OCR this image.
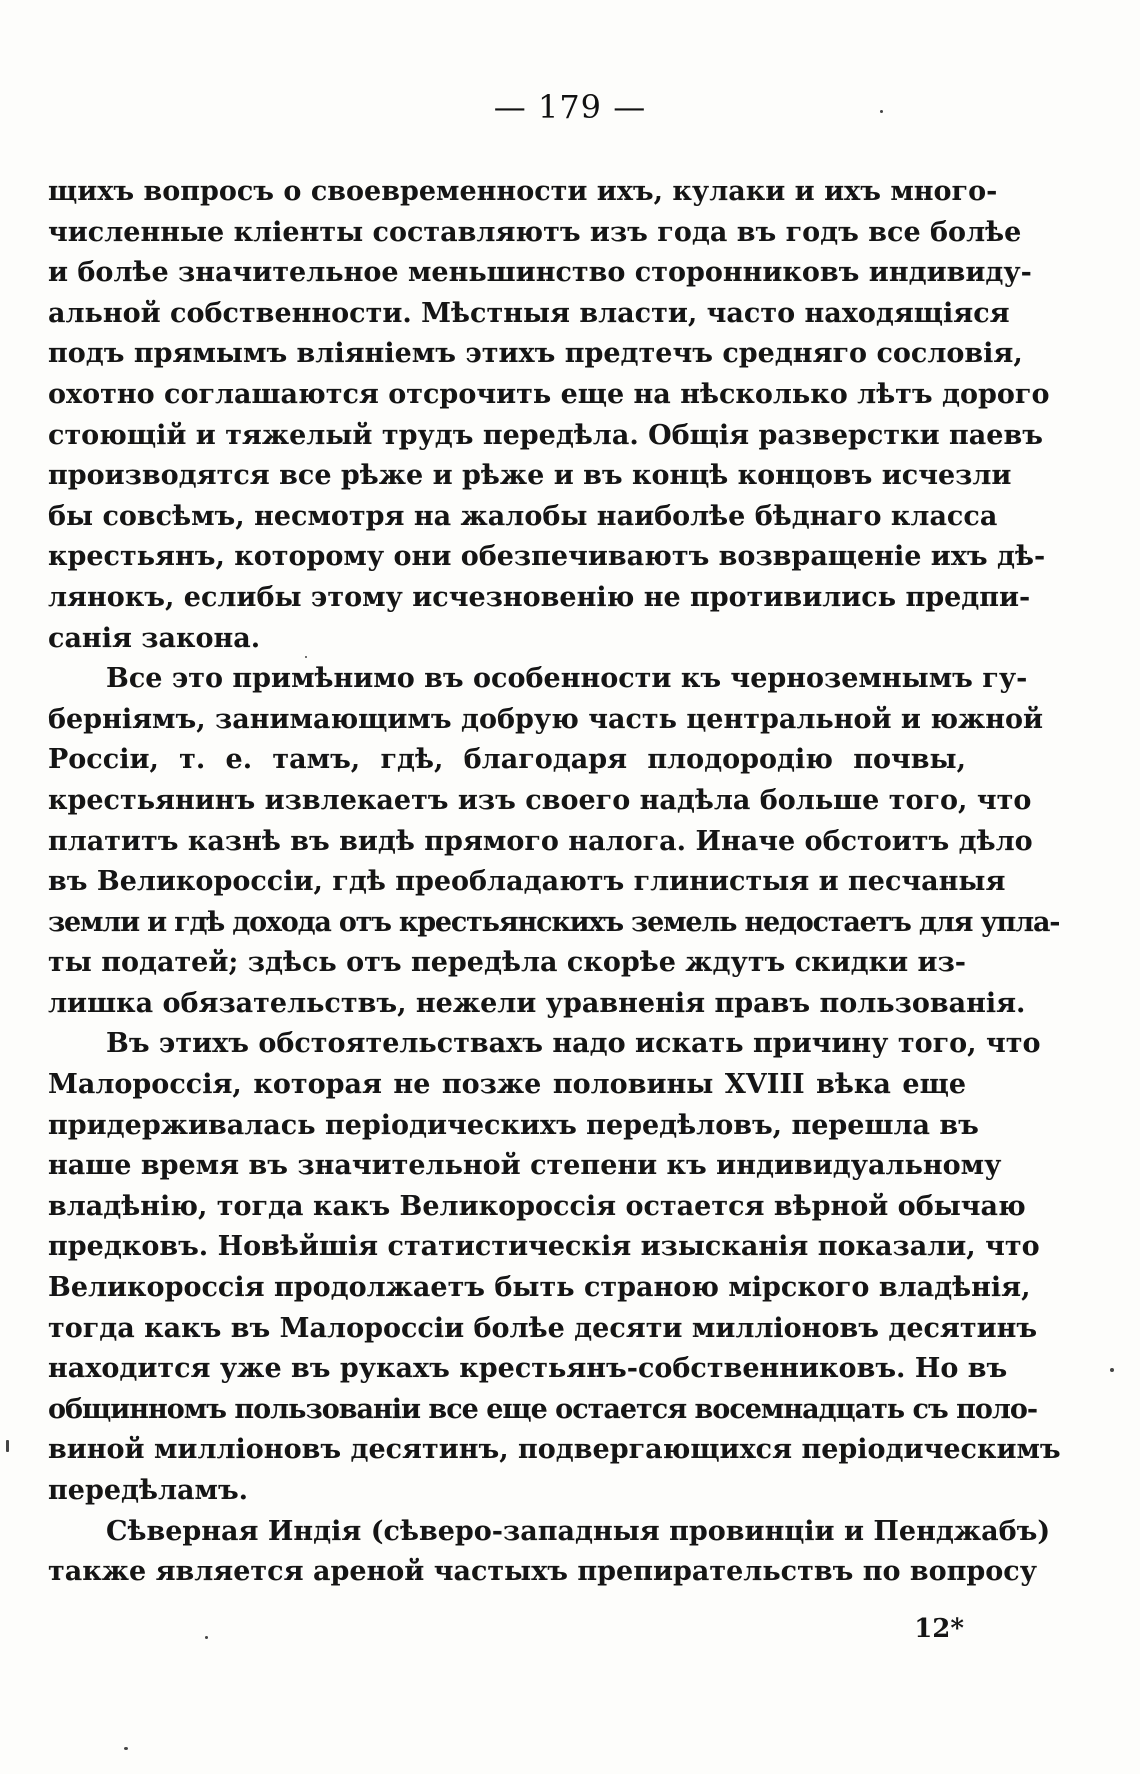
— 179 —
щихъ вопросъ о своевременности ихъ, кулаки и ихъ много-
численные клiенты составляютъ изъ года въ годъ все болѣе
и болѣе значительное меньшинство сторонниковъ индивиду-
альной собственности. Мѣстныя власти, часто находящiяся
подъ прямымъ влiянiемъ этихъ предтечъ средняго сословiя,
охотно соглашаются отсрочить еще на нѣсколько лѣтъ дорого
стоющiй и тяжелый трудъ передѣла. Общiя разверстки паевъ
производятся все рѣже и рѣже и въ концѣ концовъ исчезли
бы совсѣмъ, несмотря на жалобы наиболѣе бѣднаго класса
крестьянъ, которому они обезпечиваютъ возвращенiе ихъ дѣ-
лянокъ, еслибы этому исчезновенiю не противились предпи-
санiя закона.
Все это примѣнимо въ особенности къ черноземнымъ гу-
бернiямъ, занимающимъ добрую часть центральной и южной
Россiи, т. е. тамъ, гдѣ, благодаря плодородiю почвы,
крестьянинъ извлекаетъ изъ своего надѣла больше того, что
платитъ казнѣ въ видѣ прямого налога. Иначе обстоитъ дѣло
въ Великороссiи, гдѣ преобладаютъ глинистыя и песчаныя
земли и гдѣ дохода отъ крестьянскихъ земель недостаетъ для упла-
ты податей; здѣсь отъ передѣла скорѣе ждутъ скидки из-
лишка обязательствъ, нежели уравненiя правъ пользованiя.
Въ этихъ обстоятельствахъ надо искать причину того, что
Малороссiя, которая не позже половины XVIII вѣка еще
придерживалась перiодическихъ передѣловъ, перешла въ
наше время въ значительной степени къ индивидуальному
владѣнiю, тогда какъ Великороссiя остается вѣрной обычаю
предковъ. Новѣйшiя статистическiя изысканiя показали, что
Великороссiя продолжаетъ быть страною мiрского владѣнiя,
тогда какъ въ Малороссiи болѣе десяти миллiоновъ десятинъ
находится уже въ рукахъ крестьянъ-собственниковъ. Но въ
общинномъ пользованiи все еще остается восемнадцать съ поло-
виной миллiоновъ десятинъ, подвергающихся перiодическимъ
передѣламъ.
Сѣверная Индiя (сѣверо-западныя провинцiи и Пенджабъ)
также является ареной частыхъ препирательствъ по вопросу
12*
